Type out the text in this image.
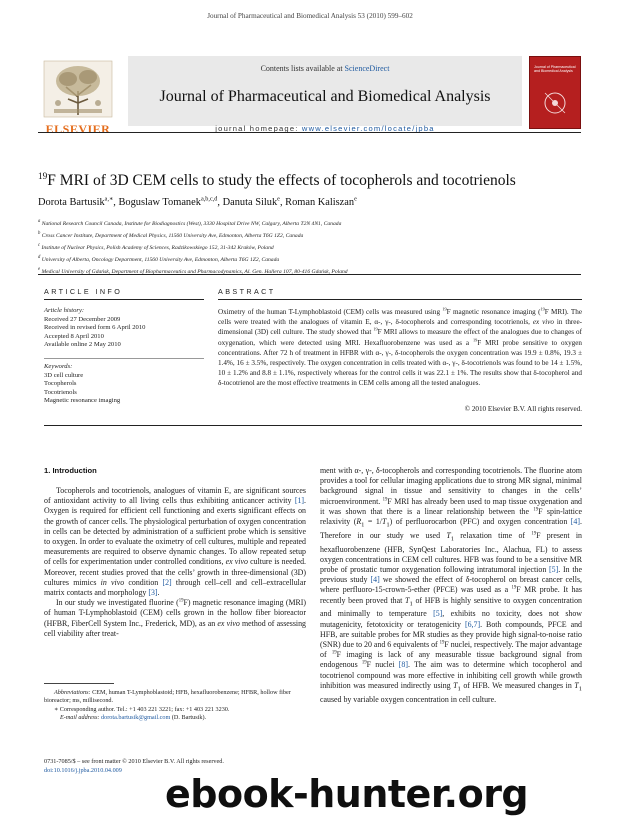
Journal of Pharmaceutical and Biomedical Analysis 53 (2010) 599–602
Contents lists available at ScienceDirect
Journal of Pharmaceutical and Biomedical Analysis
journal homepage: www.elsevier.com/locate/jpba
ELSEVIER
Journal of Pharmaceutical and Biomedical Analysis
$^{19}$F MRI of 3D CEM cells to study the effects of tocopherols and tocotrienols
Dorota Bartusik$^{a,∗}$, Boguslaw Tomanek$^{a,b,c,d}$, Danuta Siluk$^e$, Roman Kaliszan$^e$
$^a$ National Research Council Canada, Institute for Biodiagnostics (West), 3330 Hospital Drive NW, Calgary, Alberta T2N 4N1, Canada
$^b$ Cross Cancer Institute, Department of Medical Physics, 11560 University Ave, Edmonton, Alberta T6G 1Z2, Canada
$^c$ Institute of Nuclear Physics, Polish Academy of Sciences, Radzikowskiego 152, 31-342 Kraków, Poland
$^d$ University of Alberta, Oncology Department, 11560 University Ave, Edmonton, Alberta T6G 1Z2, Canada
$^e$ Medical University of Gdańsk, Department of Biopharmaceutics and Pharmacodynamics, Al. Gen. Hallera 107, 80-416 Gdańsk, Poland
ARTICLE INFO
Article history:
Received 27 December 2009
Received in revised form 6 April 2010
Accepted 8 April 2010
Available online 2 May 2010
Keywords:
3D cell culture
Tocopherols
Tocotrienols
Magnetic resonance imaging
ABSTRACT
Oximetry of the human T-Lymphoblastoid (CEM) cells was measured using $^{19}$F magnetic resonance imaging ($^{19}$F MRI). The cells were treated with the analogues of vitamin E, α-, γ-, δ-tocopherols and corresponding tocotrienols, ex vivo in three-dimensional (3D) cell culture. The study showed that $^{19}$F MRI allows to measure the effect of the analogues due to changes of oxygenation, which were detected using MRI. Hexafluorobenzene was used as a $^{19}$F MRI probe sensitive to oxygen concentrations. After 72 h of treatment in HFBR with α-, γ-, δ-tocopherols the oxygen concentration was 19.9 ± 0.8%, 19.3 ± 1.4%, 16 ± 3.5%, respectively. The oxygen concentration in cells treated with α-, γ-, δ-tocotrienols was found to be 14 ± 1.5%, 10 ± 1.2% and 8.8 ± 1.1%, respectively whereas for the control cells it was 22.1 ± 1%. The results show that δ-tocopherol and δ-tocotrienol are the most effective treatments in CEM cells among all the tested analogues.
© 2010 Elsevier B.V. All rights reserved.
1. Introduction

Tocopherols and tocotrienols, analogues of vitamin E, are significant sources of antioxidant activity to all living cells thus exhibiting anticancer activity [1]. Oxygen is required for efficient cell functioning and exerts significant effects on the growth of cancer cells. The physiological perturbation of oxygen concentration in cells can be detected by administration of a sufficient probe which is sensitive to oxygen. In order to evaluate the oximetry of cell cultures, multiple and repeated measurements are required to observe dynamic changes. To allow repeated setup of cells for experimentation under controlled conditions, ex vivo culture is needed. Moreover, recent studies proved that the cells’ growth in three-dimensional (3D) cultures mimics in vivo condition [2] through cell–cell and cell–extracellular matrix contacts and morphology [3].

In our study we investigated fluorine ($^{19}$F) magnetic resonance imaging (MRI) of human T-Lymphoblastoid (CEM) cells grown in the hollow fiber bioreactor (HFBR, FiberCell System Inc., Frederick, MD), as an ex vivo method of assessing cell viability after treat-

ment with α-, γ-, δ-tocopherols and corresponding tocotrienols. The fluorine atom provides a tool for cellular imaging applications due to strong MR signal, minimal background signal in tissue and sensitivity to changes in the cells’ microenvironment. $^{19}$F MRI has already been used to map tissue oxygenation and it was shown that there is a linear relationship between the $^{19}$F spin-lattice relaxivity $(R_1 = 1/T_1)$ of perfluorocarbon (PFC) and oxygen concentration [4]. Therefore in our study we used $T_1$ relaxation time of $^{19}$F present in hexafluorobenzene (HFB, SynQest Laboratories Inc., Alachua, FL) to assess oxygen concentrations in CEM cell cultures. HFB was found to be a sensitive MR probe of prostatic tumor oxygenation following intratumoral injection [5]. In the previous study [4] we showed the effect of δ-tocopherol on breast cancer cells, where perfluoro-15-crown-5-ether (PFCE) was used as a $^{19}$F MR probe. It has recently been proved that $T_1$ of HFB is highly sensitive to oxygen concentration and minimally to temperature [5], exhibits no toxicity, does not show mutagenicity, fetotoxicity or teratogenicity [6,7]. Both compounds, PFCE and HFB, are suitable probes for MR studies as they provide high signal-to-noise ratio (SNR) due to 20 and 6 equivalents of $^{19}$F nuclei, respectively. The major advantage of $^{19}$F imaging is lack of any measurable tissue background signal from endogenous $^{19}$F nuclei [8]. The aim was to determine which tocopherol and tocotrienol compound was more effective in inhibiting cell growth while growth inhibition was measured indirectly using $T_1$ of HFB. We measured changes in $T_1$ caused by variable oxygen concentration in cell culture.

Abbreviations: CEM, human T-Lymphoblastoid; HFB, hexafluorobenzene; HFBR, hollow fiber bioreactor; ms, millisecond.
∗ Corresponding author. Tel.: +1 403 221 3221; fax: +1 403 221 3230.
E-mail address: dorota.bartusik@gmail.com (D. Bartusik).
0731-7085/$ – see front matter © 2010 Elsevier B.V. All rights reserved.
doi:10.1016/j.jpba.2010.04.009
ebook-hunter.org
